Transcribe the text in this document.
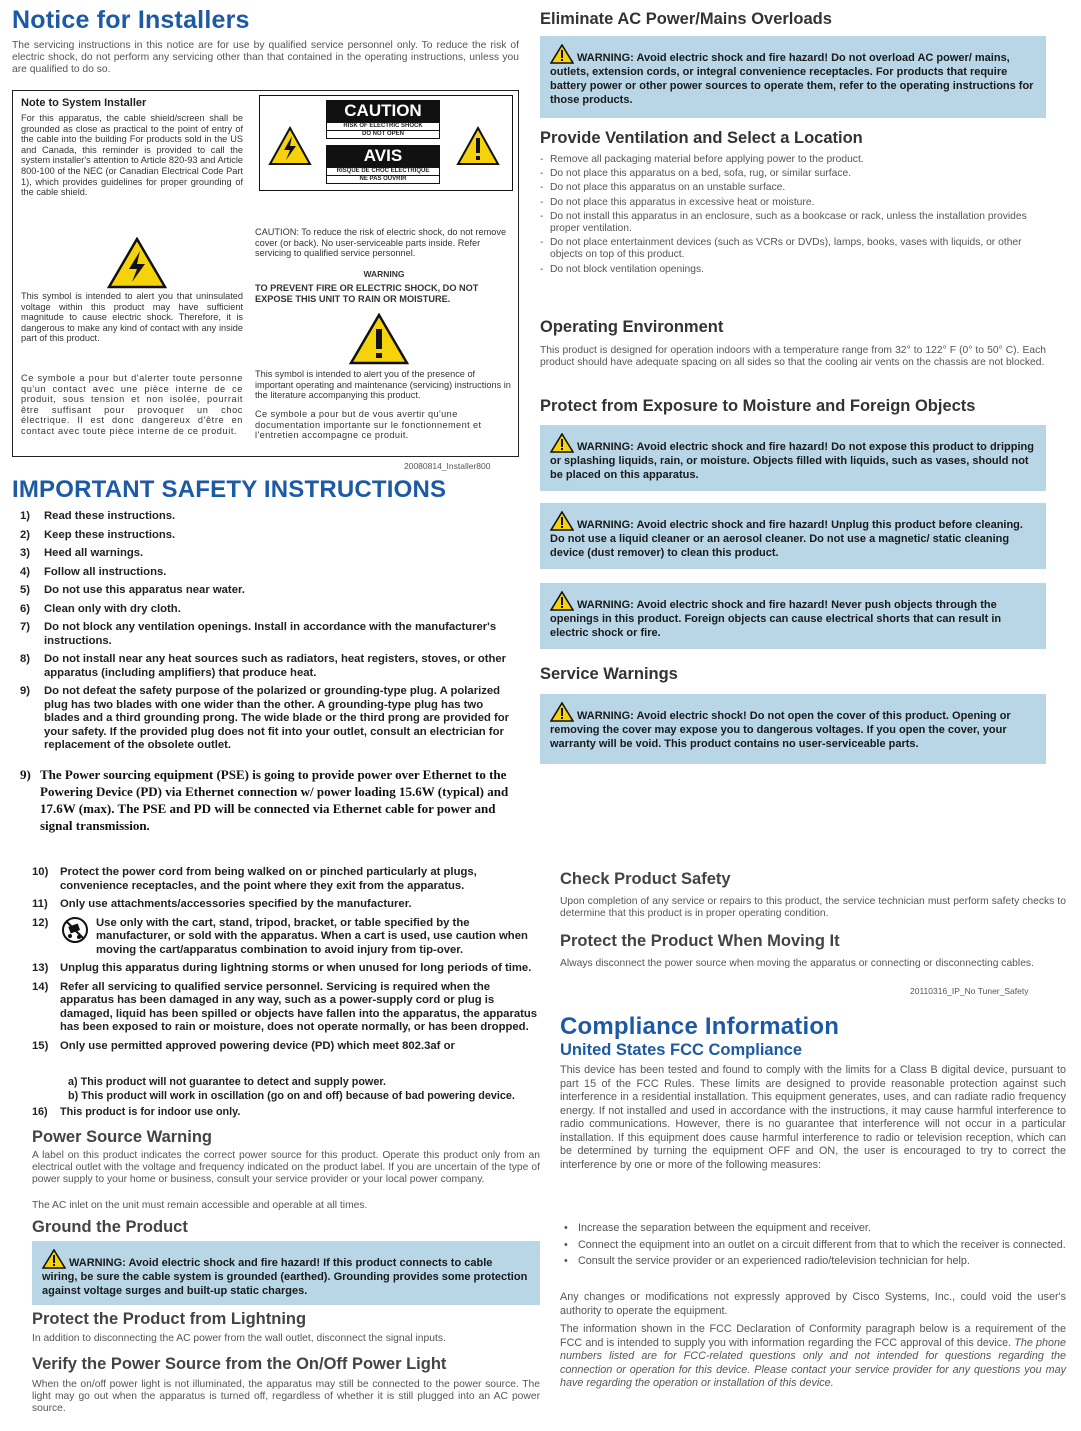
Notice for Installers

The servicing instructions in this notice are for use by qualified service personnel only. To reduce the risk of electric shock, do not perform any servicing other than that contained in the operating instructions, unless you are qualified to do so.

Note to System Installer

For this apparatus, the cable shield/screen shall be grounded as close as practical to the point of entry of the cable into the building For products sold in the US and Canada, this reminder is provided to call the system installer's attention to Article 820-93 and Article 800-100 of the NEC (or Canadian Electrical Code Part 1), which provides guidelines for proper grounding of the cable shield.

This symbol is intended to alert you that uninsulated voltage within this product may have sufficient magnitude to cause electric shock. Therefore, it is dangerous to make any kind of contact with any inside part of this product.

Ce symbole a pour but d'alerter toute personne qu'un contact avec une pièce interne de ce produit, sous tension et non isolée, pourrait être suffisant pour provoquer un choc électrique. Il est donc dangereux d'être en contact avec toute pièce interne de ce produit.

CAUTION
RISK OF ELECTRIC SHOCK
DO NOT OPEN
AVIS
RISQUE DE CHOC ÉLECTRIQUE
NE PAS OUVRIR

CAUTION: To reduce the risk of electric shock, do not remove cover (or back). No user-serviceable parts inside. Refer servicing to qualified service personnel.

WARNING

TO PREVENT FIRE OR ELECTRIC SHOCK, DO NOT EXPOSE THIS UNIT TO RAIN OR MOISTURE.

This symbol is intended to alert you of the presence of important operating and maintenance (servicing) instructions in the literature accompanying this product.

Ce symbole a pour but de vous avertir qu'une documentation importante sur le fonctionnement et l'entretien accompagne ce produit.

20080814_Installer800
IMPORTANT SAFETY INSTRUCTIONS
1)	Read these instructions.
2)	Keep these instructions.
3)	Heed all warnings.
4)	Follow all instructions.
5)	Do not use this apparatus near water.
6)	Clean only with dry cloth.
7)	Do not block any ventilation openings. Install in accordance with the manufacturer's instructions.
8)	Do not install near any heat sources such as radiators, heat registers, stoves, or other apparatus (including amplifiers) that produce heat.
9)	Do not defeat the safety purpose of the polarized or grounding-type plug. A polarized plug has two blades with one wider than the other. A grounding-type plug has two blades and a third grounding prong. The wide blade or the third prong are provided for your safety. If the provided plug does not fit into your outlet, consult an electrician for replacement of the obsolete outlet.
9) The Power sourcing equipment (PSE) is going to provide power over Ethernet to the Powering Device (PD) via Ethernet connection w/ power loading 15.6W (typical) and 17.6W (max). The PSE and PD will be connected via Ethernet cable for power and signal transmission.
Eliminate AC Power/Mains Overloads
WARNING: Avoid electric shock and fire hazard! Do not overload AC power/ mains, outlets, extension cords, or integral convenience receptacles. For products that require battery power or other power sources to operate them, refer to the operating instructions for those products.
Provide Ventilation and Select a Location
- Remove all packaging material before applying power to the product.
- Do not place this apparatus on a bed, sofa, rug, or similar surface.
- Do not place this apparatus on an unstable surface.
- Do not place this apparatus in excessive heat or moisture.
- Do not install this apparatus in an enclosure, such as a bookcase or rack, unless the installation provides proper ventilation.
- Do not place entertainment devices (such as VCRs or DVDs), lamps, books, vases with liquids, or other objects on top of this product.
- Do not block ventilation openings.
Operating Environment

This product is designed for operation indoors with a temperature range from 32° to 122° F (0° to 50° C). Each product should have adequate spacing on all sides so that the cooling air vents on the chassis are not blocked.

Protect from Exposure to Moisture and Foreign Objects
WARNING: Avoid electric shock and fire hazard! Do not expose this product to dripping or splashing liquids, rain, or moisture. Objects filled with liquids, such as vases, should not be placed on this apparatus.
WARNING: Avoid electric shock and fire hazard! Unplug this product before cleaning. Do not use a liquid cleaner or an aerosol cleaner. Do not use a magnetic/ static cleaning device (dust remover) to clean this product.
WARNING: Avoid electric shock and fire hazard! Never push objects through the openings in this product. Foreign objects can cause electrical shorts that can result in electric shock or fire.
Service Warnings
WARNING: Avoid electric shock! Do not open the cover of this product. Opening or removing the cover may expose you to dangerous voltages. If you open the cover, your warranty will be void. This product contains no user-serviceable parts.
10)	Protect the power cord from being walked on or pinched particularly at plugs, convenience receptacles, and the point where they exit from the apparatus.
11)	Only use attachments/accessories specified by the manufacturer.
12)	Use only with the cart, stand, tripod, bracket, or table specified by the manufacturer, or sold with the apparatus. When a cart is used, use caution when moving the cart/apparatus combination to avoid injury from tip-over.
13)	Unplug this apparatus during lightning storms or when unused for long periods of time.
14)	Refer all servicing to qualified service personnel. Servicing is required when the apparatus has been damaged in any way, such as a power-supply cord or plug is damaged, liquid has been spilled or objects have fallen into the apparatus, the apparatus has been exposed to rain or moisture, does not operate normally, or has been dropped.
15)	Only use permitted approved powering device (PD) which meet 802.3af or
a) This product will not guarantee to detect and supply power.
b) This product will work in oscillation (go on and off) because of bad powering device.
16)	This product is for indoor use only.
Power Source Warning

A label on this product indicates the correct power source for this product. Operate this product only from an electrical outlet with the voltage and frequency indicated on the product label. If you are uncertain of the type of power supply to your home or business, consult your service provider or your local power company.

The AC inlet on the unit must remain accessible and operable at all times.

Ground the Product
WARNING: Avoid electric shock and fire hazard! If this product connects to cable wiring, be sure the cable system is grounded (earthed). Grounding provides some protection against voltage surges and built-up static charges.
Protect the Product from Lightning

In addition to disconnecting the AC power from the wall outlet, disconnect the signal inputs.

Verify the Power Source from the On/Off Power Light

When the on/off power light is not illuminated, the apparatus may still be connected to the power source. The light may go out when the apparatus is turned off, regardless of whether it is still plugged into an AC power source.

Check Product Safety

Upon completion of any service or repairs to this product, the service technician must perform safety checks to determine that this product is in proper operating condition.

Protect the Product When Moving It

Always disconnect the power source when moving the apparatus or connecting or disconnecting cables.

20110316_IP_No Tuner_Safety
Compliance Information
United States FCC Compliance

This device has been tested and found to comply with the limits for a Class B digital device, pursuant to part 15 of the FCC Rules. These limits are designed to provide reasonable protection against such interference in a residential installation. This equipment generates, uses, and can radiate radio frequency energy. If not installed and used in accordance with the instructions, it may cause harmful interference to radio communications. However, there is no guarantee that interference will not occur in a particular installation. If this equipment does cause harmful interference to radio or television reception, which can be determined by turning the equipment OFF and ON, the user is encouraged to try to correct the interference by one or more of the following measures:

• Increase the separation between the equipment and receiver.
• Connect the equipment into an outlet on a circuit different from that to which the receiver is connected.
• Consult the service provider or an experienced radio/television technician for help.

Any changes or modifications not expressly approved by Cisco Systems, Inc., could void the user's authority to operate the equipment.

The information shown in the FCC Declaration of Conformity paragraph below is a requirement of the FCC and is intended to supply you with information regarding the FCC approval of this device. The phone numbers listed are for FCC-related questions only and not intended for questions regarding the connection or operation for this device. Please contact your service provider for any questions you may have regarding the operation or installation of this device.
